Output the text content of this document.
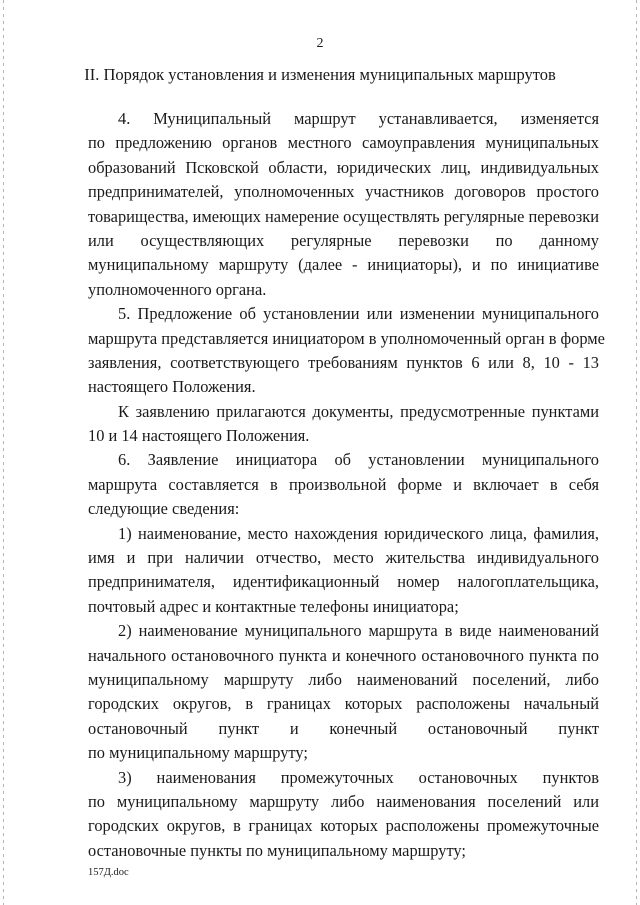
2
II. Порядок установления и изменения муниципальных маршрутов
4. Муниципальный маршрут устанавливается, изменяется
по предложению органов местного самоуправления муниципальных
образований Псковской области, юридических лиц, индивидуальных
предпринимателей, уполномоченных участников договоров простого
товарищества, имеющих намерение осуществлять регулярные перевозки
или осуществляющих регулярные перевозки по данному
муниципальному маршруту (далее - инициаторы), и по инициативе
уполномоченного органа.
5. Предложение об установлении или изменении муниципального
маршрута представляется инициатором в уполномоченный орган в форме
заявления, соответствующего требованиям пунктов 6 или 8, 10 - 13
настоящего Положения.
К заявлению прилагаются документы, предусмотренные пунктами
10 и 14 настоящего Положения.
6. Заявление инициатора об установлении муниципального
маршрута составляется в произвольной форме и включает в себя
следующие сведения:
1) наименование, место нахождения юридического лица, фамилия,
имя и при наличии отчество, место жительства индивидуального
предпринимателя, идентификационный номер налогоплательщика,
почтовый адрес и контактные телефоны инициатора;
2) наименование муниципального маршрута в виде наименований
начального остановочного пункта и конечного остановочного пункта по
муниципальному маршруту либо наименований поселений, либо
городских округов, в границах которых расположены начальный
остановочный пункт и конечный остановочный пункт
по муниципальному маршруту;
3) наименования промежуточных остановочных пунктов
по муниципальному маршруту либо наименования поселений или
городских округов, в границах которых расположены промежуточные
остановочные пункты по муниципальному маршруту;
157Д.doc
